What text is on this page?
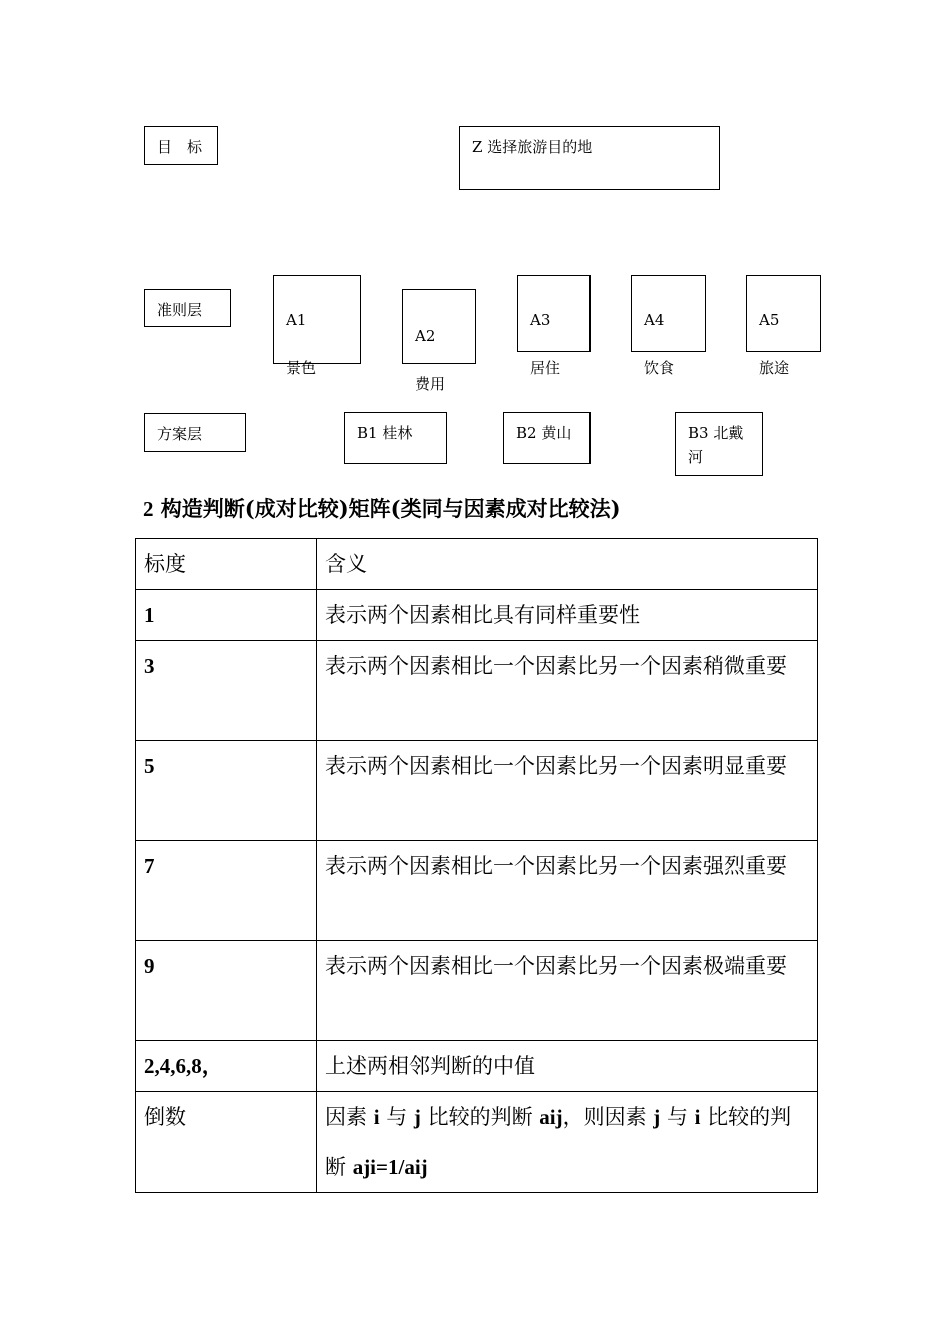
目　标	Z 选择旅游目的地
准则层

A1

景色

A2

费用

A3

居住

A4

饮食

A5

旅途

方案层	B1 桂林	B2 黄山	B3 北戴
河
2 构造判断(成对比较)矩阵(类同与因素成对比较法)
标度	含义
1	表示两个因素相比具有同样重要性
3	表示两个因素相比一个因素比另一个因素稍微重要
5	表示两个因素相比一个因素比另一个因素明显重要
7	表示两个因素相比一个因素比另一个因素强烈重要
9	表示两个因素相比一个因素比另一个因素极端重要
2,4,6,8，	上述两相邻判断的中值
倒数	因素 i 与 j 比较的判断 aij，则因素 j 与 i 比较的判断 aji=1/aij
